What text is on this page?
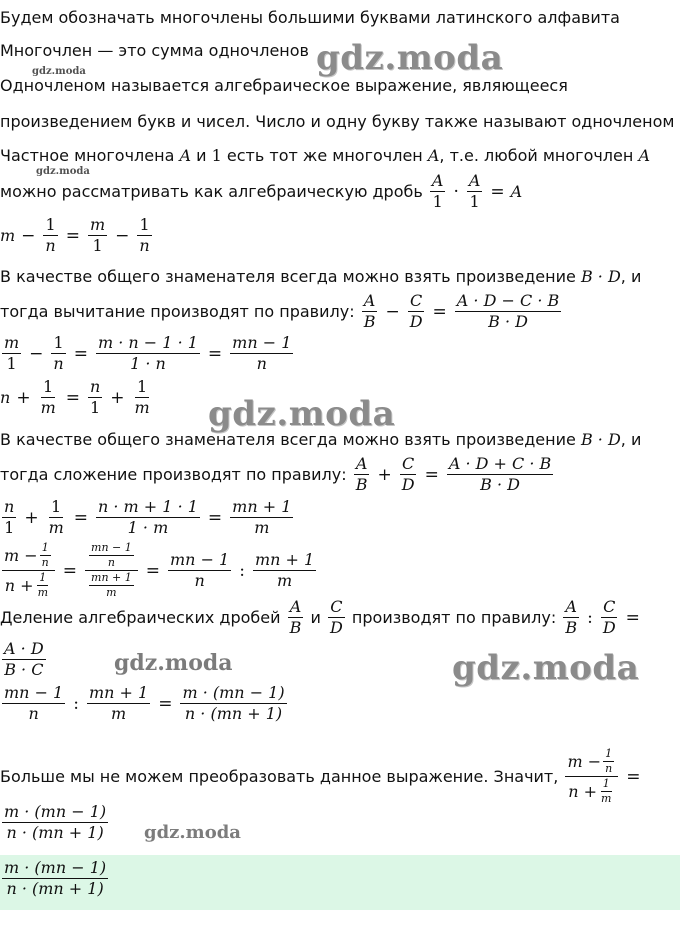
gdz.moda
gdz.moda
gdz.moda
gdz.moda
gdz.moda	gdz.moda
gdz.moda
Будем обозначать многочлены большими буквами латинского алфавита
Многочлен — это сумма одночленов
Одночленом называется алгебраическое выражение, являющееся
произведением букв и чисел. Число и одну букву также называют одночленом
Частное многочлена A и 1 есть тот же многочлен A, т.е. любой многочлен A
можно рассматривать как алгебраическую дробь
$\frac{A}{1} \cdot \frac{A}{1} = A$
$m - \frac{1}{n} = \frac{m}{1} - \frac{1}{n}$
В качестве общего знаменателя всегда можно взять произведение B · D, и
тогда вычитание производят по правилу:
$\frac{A}{B} - \frac{C}{D} = \frac{A \cdot D - C \cdot B}{B \cdot D}$
$\frac{m}{1} - \frac{1}{n} = \frac{m \cdot n - 1 \cdot 1}{1 \cdot n} = \frac{mn - 1}{n}$
$n + \frac{1}{m} = \frac{n}{1} + \frac{1}{m}$
В качестве общего знаменателя всегда можно взять произведение B · D, и
тогда сложение производят по правилу:
$\frac{A}{B} + \frac{C}{D} = \frac{A \cdot D + C \cdot B}{B \cdot D}$
$\frac{n}{1} + \frac{1}{m} = \frac{n \cdot m + 1 \cdot 1}{1 \cdot m} = \frac{mn + 1}{m}$
$\frac{m - \frac{1}{n}}{n + \frac{1}{m}} = \frac{\frac{mn - 1}{n}}{\frac{mn + 1}{m}} = \frac{mn - 1}{n}$ : $\frac{mn + 1}{m}$
Деление алгебраических дробей
$\frac{A}{B}$
и
$\frac{C}{D}$
производят по правилу:
$\frac{A}{B}$ : $\frac{C}{D}$ =
$\frac{A \cdot D}{B \cdot C}$
$\frac{mn - 1}{n}$ : $\frac{mn + 1}{m} = \frac{m \cdot (mn - 1)}{n \cdot (mn + 1)}$
Больше мы не можем преобразовать данное выражение. Значит,
$\frac{m - \frac{1}{n}}{n + \frac{1}{m}}$ =
$\frac{m \cdot (mn - 1)}{n \cdot (mn + 1)}$
$\frac{m \cdot (mn - 1)}{n \cdot (mn + 1)}$
